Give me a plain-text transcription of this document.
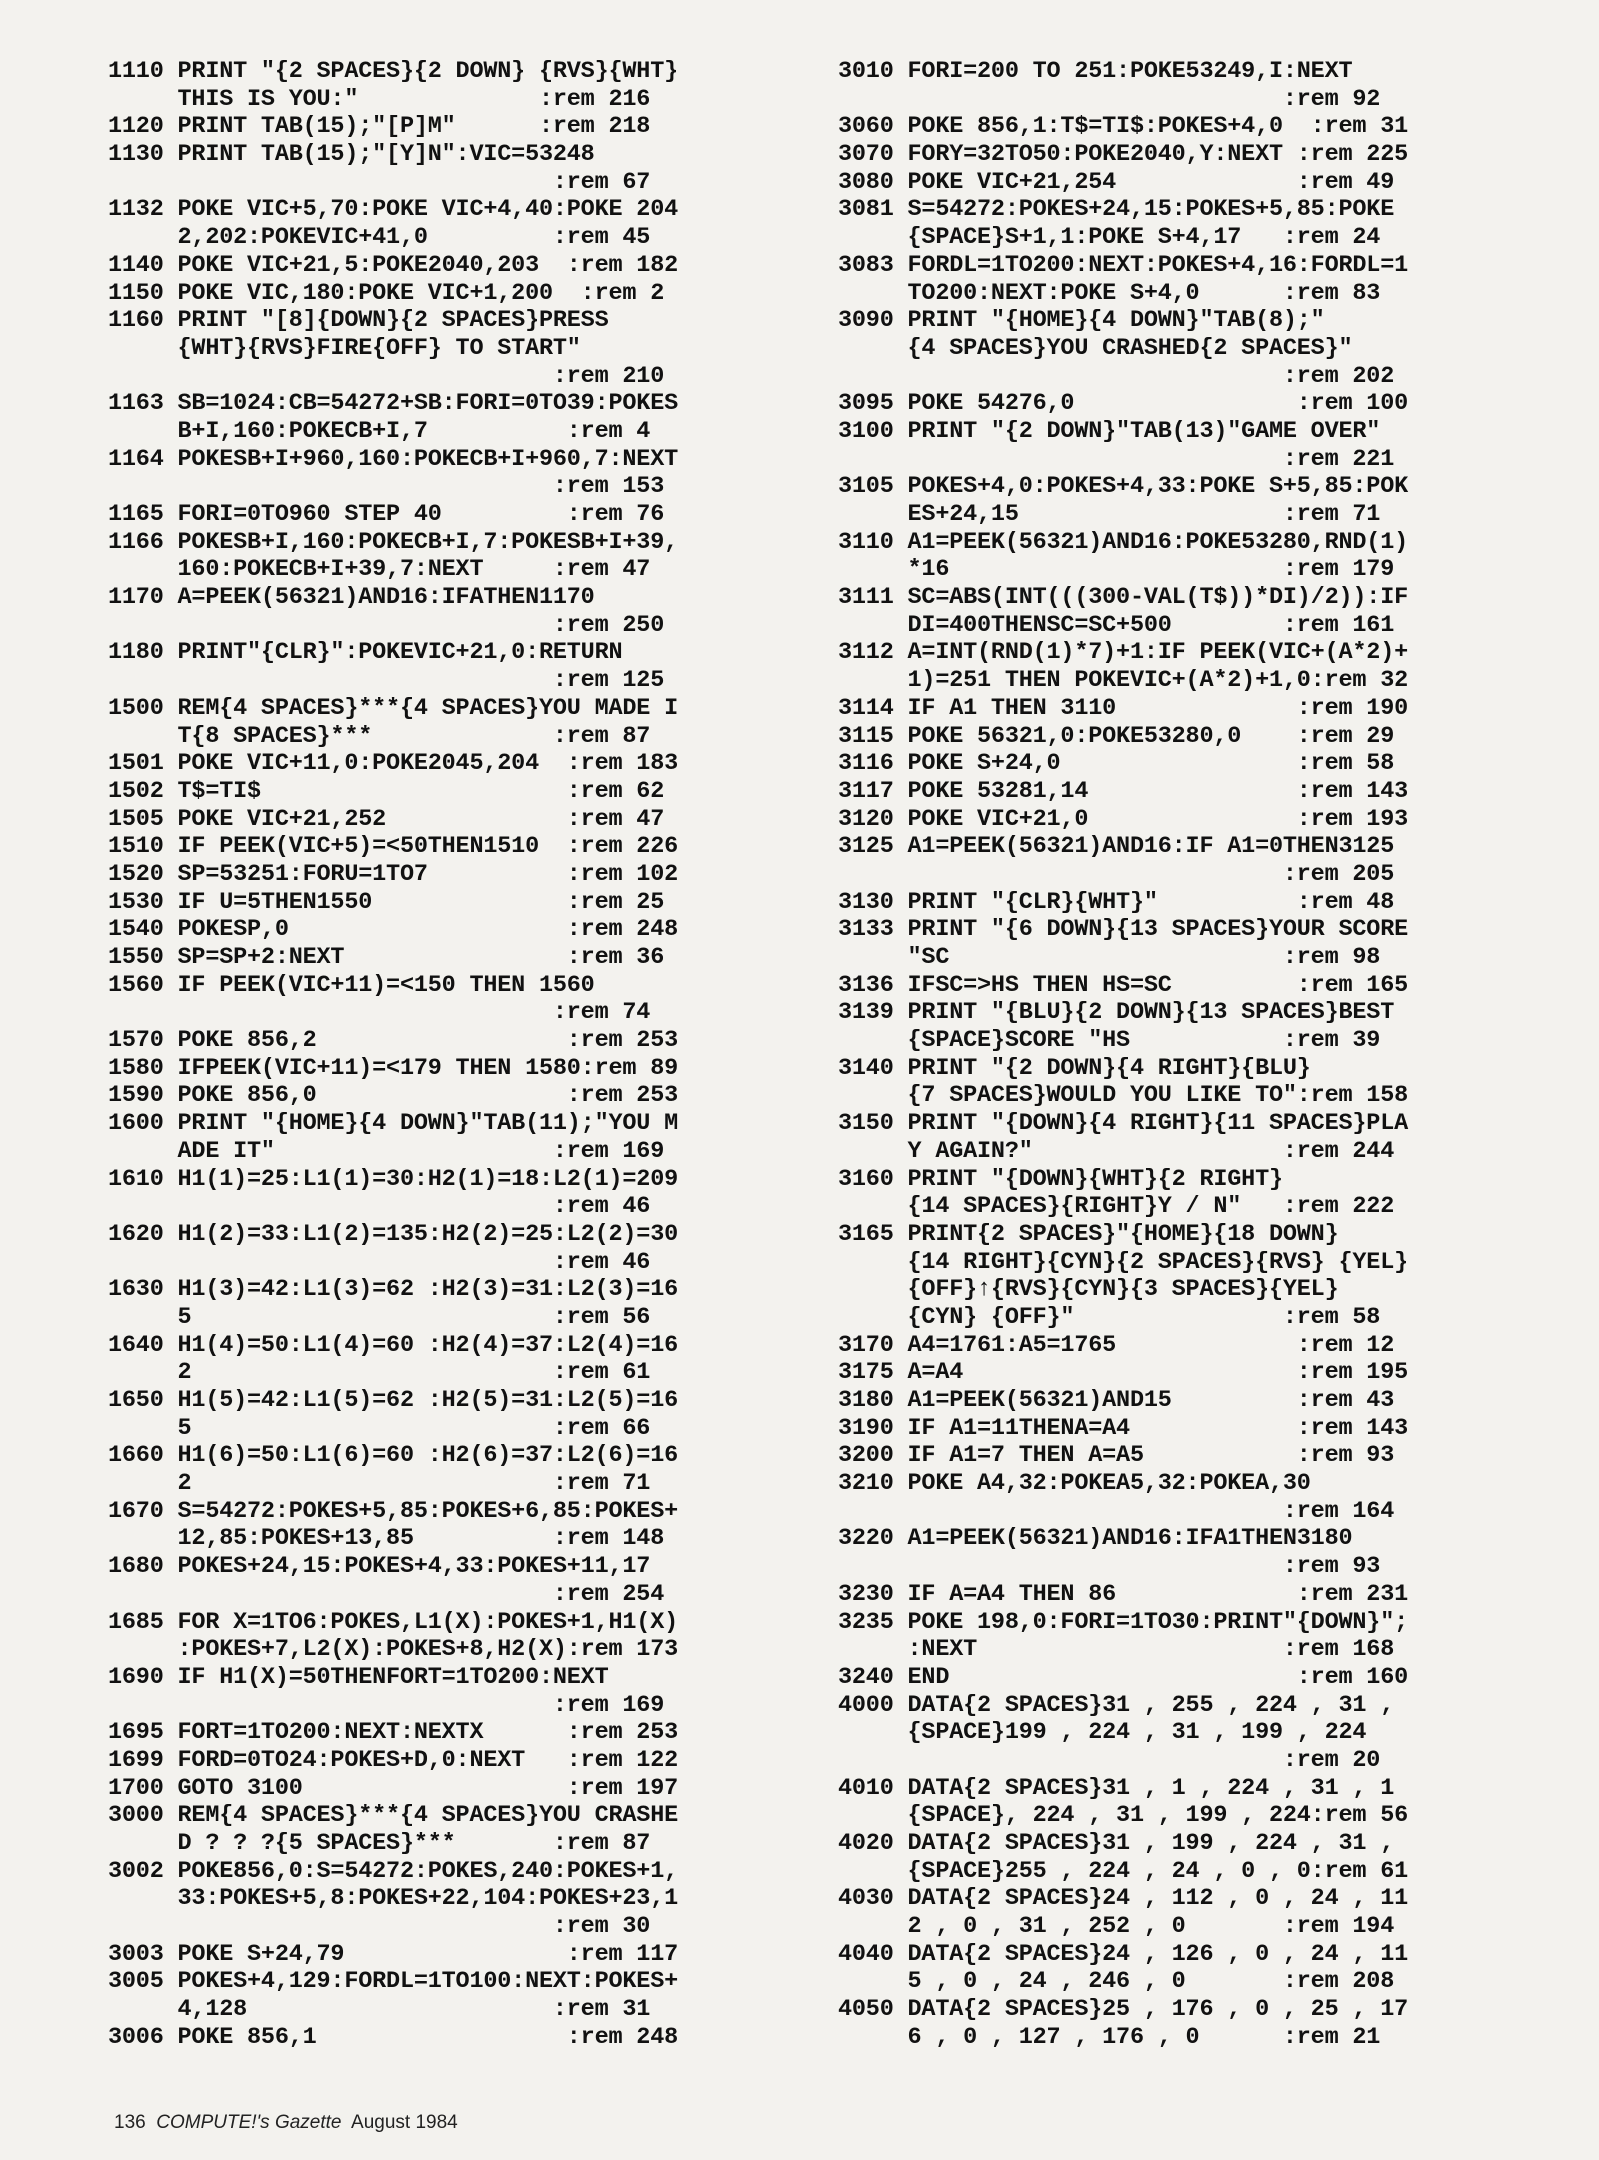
1110 PRINT "{2 SPACES}{2 DOWN} {RVS}{WHT}
THIS IS YOU:"             :rem 216
1120 PRINT TAB(15);"[P]M"      :rem 218
1130 PRINT TAB(15);"[Y]N":VIC=53248
:rem 67
1132 POKE VIC+5,70:POKE VIC+4,40:POKE 204
2,202:POKEVIC+41,0         :rem 45
1140 POKE VIC+21,5:POKE2040,203  :rem 182
1150 POKE VIC,180:POKE VIC+1,200  :rem 2
1160 PRINT "[8]{DOWN}{2 SPACES}PRESS
{WHT}{RVS}FIRE{OFF} TO START"
:rem 210
1163 SB=1024:CB=54272+SB:FORI=0TO39:POKES
B+I,160:POKECB+I,7          :rem 4
1164 POKESB+I+960,160:POKECB+I+960,7:NEXT
:rem 153
1165 FORI=0TO960 STEP 40         :rem 76
1166 POKESB+I,160:POKECB+I,7:POKESB+I+39,
160:POKECB+I+39,7:NEXT     :rem 47
1170 A=PEEK(56321)AND16:IFATHEN1170
:rem 250
1180 PRINT"{CLR}":POKEVIC+21,0:RETURN
:rem 125
1500 REM{4 SPACES}***{4 SPACES}YOU MADE I
T{8 SPACES}***             :rem 87
1501 POKE VIC+11,0:POKE2045,204  :rem 183
1502 T$=TI$                      :rem 62
1505 POKE VIC+21,252             :rem 47
1510 IF PEEK(VIC+5)=<50THEN1510  :rem 226
1520 SP=53251:FORU=1TO7          :rem 102
1530 IF U=5THEN1550              :rem 25
1540 POKESP,0                    :rem 248
1550 SP=SP+2:NEXT                :rem 36
1560 IF PEEK(VIC+11)=<150 THEN 1560
:rem 74
1570 POKE 856,2                  :rem 253
1580 IFPEEK(VIC+11)=<179 THEN 1580:rem 89
1590 POKE 856,0                  :rem 253
1600 PRINT "{HOME}{4 DOWN}"TAB(11);"YOU M
ADE IT"                    :rem 169
1610 H1(1)=25:L1(1)=30:H2(1)=18:L2(1)=209
:rem 46
1620 H1(2)=33:L1(2)=135:H2(2)=25:L2(2)=30
:rem 46
1630 H1(3)=42:L1(3)=62 :H2(3)=31:L2(3)=16
5                          :rem 56
1640 H1(4)=50:L1(4)=60 :H2(4)=37:L2(4)=16
2                          :rem 61
1650 H1(5)=42:L1(5)=62 :H2(5)=31:L2(5)=16
5                          :rem 66
1660 H1(6)=50:L1(6)=60 :H2(6)=37:L2(6)=16
2                          :rem 71
1670 S=54272:POKES+5,85:POKES+6,85:POKES+
12,85:POKES+13,85          :rem 148
1680 POKES+24,15:POKES+4,33:POKES+11,17
:rem 254
1685 FOR X=1TO6:POKES,L1(X):POKES+1,H1(X)
:POKES+7,L2(X):POKES+8,H2(X):rem 173
1690 IF H1(X)=50THENFORT=1TO200:NEXT
:rem 169
1695 FORT=1TO200:NEXT:NEXTX      :rem 253
1699 FORD=0TO24:POKES+D,0:NEXT   :rem 122
1700 GOTO 3100                   :rem 197
3000 REM{4 SPACES}***{4 SPACES}YOU CRASHE
D ? ? ?{5 SPACES}***       :rem 87
3002 POKE856,0:S=54272:POKES,240:POKES+1,
33:POKES+5,8:POKES+22,104:POKES+23,1
:rem 30
3003 POKE S+24,79                :rem 117
3005 POKES+4,129:FORDL=1TO100:NEXT:POKES+
4,128                      :rem 31
3006 POKE 856,1                  :rem 248
3010 FORI=200 TO 251:POKE53249,I:NEXT
:rem 92
3060 POKE 856,1:T$=TI$:POKES+4,0  :rem 31
3070 FORY=32TO50:POKE2040,Y:NEXT :rem 225
3080 POKE VIC+21,254             :rem 49
3081 S=54272:POKES+24,15:POKES+5,85:POKE
{SPACE}S+1,1:POKE S+4,17   :rem 24
3083 FORDL=1TO200:NEXT:POKES+4,16:FORDL=1
TO200:NEXT:POKE S+4,0      :rem 83
3090 PRINT "{HOME}{4 DOWN}"TAB(8);"
{4 SPACES}YOU CRASHED{2 SPACES}"
:rem 202
3095 POKE 54276,0                :rem 100
3100 PRINT "{2 DOWN}"TAB(13)"GAME OVER"
:rem 221
3105 POKES+4,0:POKES+4,33:POKE S+5,85:POK
ES+24,15                   :rem 71
3110 A1=PEEK(56321)AND16:POKE53280,RND(1)
*16                        :rem 179
3111 SC=ABS(INT(((300-VAL(T$))*DI)/2)):IF
DI=400THENSC=SC+500        :rem 161
3112 A=INT(RND(1)*7)+1:IF PEEK(VIC+(A*2)+
1)=251 THEN POKEVIC+(A*2)+1,0:rem 32
3114 IF A1 THEN 3110             :rem 190
3115 POKE 56321,0:POKE53280,0    :rem 29
3116 POKE S+24,0                 :rem 58
3117 POKE 53281,14               :rem 143
3120 POKE VIC+21,0               :rem 193
3125 A1=PEEK(56321)AND16:IF A1=0THEN3125
:rem 205
3130 PRINT "{CLR}{WHT}"          :rem 48
3133 PRINT "{6 DOWN}{13 SPACES}YOUR SCORE
"SC                        :rem 98
3136 IFSC=>HS THEN HS=SC         :rem 165
3139 PRINT "{BLU}{2 DOWN}{13 SPACES}BEST
{SPACE}SCORE "HS           :rem 39
3140 PRINT "{2 DOWN}{4 RIGHT}{BLU}
{7 SPACES}WOULD YOU LIKE TO":rem 158
3150 PRINT "{DOWN}{4 RIGHT}{11 SPACES}PLA
Y AGAIN?"                  :rem 244
3160 PRINT "{DOWN}{WHT}{2 RIGHT}
{14 SPACES}{RIGHT}Y / N"   :rem 222
3165 PRINT{2 SPACES}"{HOME}{18 DOWN}
{14 RIGHT}{CYN}{2 SPACES}{RVS} {YEL}
{OFF}↑{RVS}{CYN}{3 SPACES}{YEL}
{CYN} {OFF}"               :rem 58
3170 A4=1761:A5=1765             :rem 12
3175 A=A4                        :rem 195
3180 A1=PEEK(56321)AND15         :rem 43
3190 IF A1=11THENA=A4            :rem 143
3200 IF A1=7 THEN A=A5           :rem 93
3210 POKE A4,32:POKEA5,32:POKEA,30
:rem 164
3220 A1=PEEK(56321)AND16:IFA1THEN3180
:rem 93
3230 IF A=A4 THEN 86             :rem 231
3235 POKE 198,0:FORI=1TO30:PRINT"{DOWN}";
:NEXT                      :rem 168
3240 END                         :rem 160
4000 DATA{2 SPACES}31 , 255 , 224 , 31 ,
{SPACE}199 , 224 , 31 , 199 , 224
:rem 20
4010 DATA{2 SPACES}31 , 1 , 224 , 31 , 1
{SPACE}, 224 , 31 , 199 , 224:rem 56
4020 DATA{2 SPACES}31 , 199 , 224 , 31 ,
{SPACE}255 , 224 , 24 , 0 , 0:rem 61
4030 DATA{2 SPACES}24 , 112 , 0 , 24 , 11
2 , 0 , 31 , 252 , 0       :rem 194
4040 DATA{2 SPACES}24 , 126 , 0 , 24 , 11
5 , 0 , 24 , 246 , 0       :rem 208
4050 DATA{2 SPACES}25 , 176 , 0 , 25 , 17
6 , 0 , 127 , 176 , 0      :rem 21
136 COMPUTE!'s Gazette August 1984
